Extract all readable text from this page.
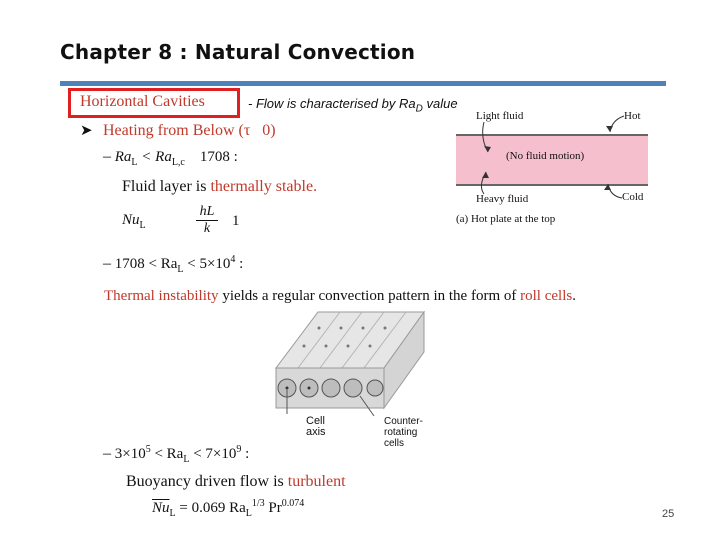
Chapter 8 : Natural Convection
Horizontal Cavities	- Flow is characterised by $Ra_D$ value
➤ Heating from Below (τ 0)
– $Ra_L < Ra_{L,c}$ 1708 :
Fluid layer is thermally stable.
$Nu_L$	$\frac{hL}{k} 1$
– $1708 < Ra_L < 5\times 10^4$ :
Thermal instability yields a regular convection pattern in the form of roll cells.
Cell axis
Counter-rotating cells
– $3\times 10^5 < Ra_L < 7\times 10^9$ :
Buoyancy driven flow is turbulent
$\overline{Nu}_L = 0.069$ $Ra_L^{1/3}$ $Pr^{0.074}$
Light fluid	Hot
(No fluid motion)
Heavy fluid	Cold
(a) Hot plate at the top
25
